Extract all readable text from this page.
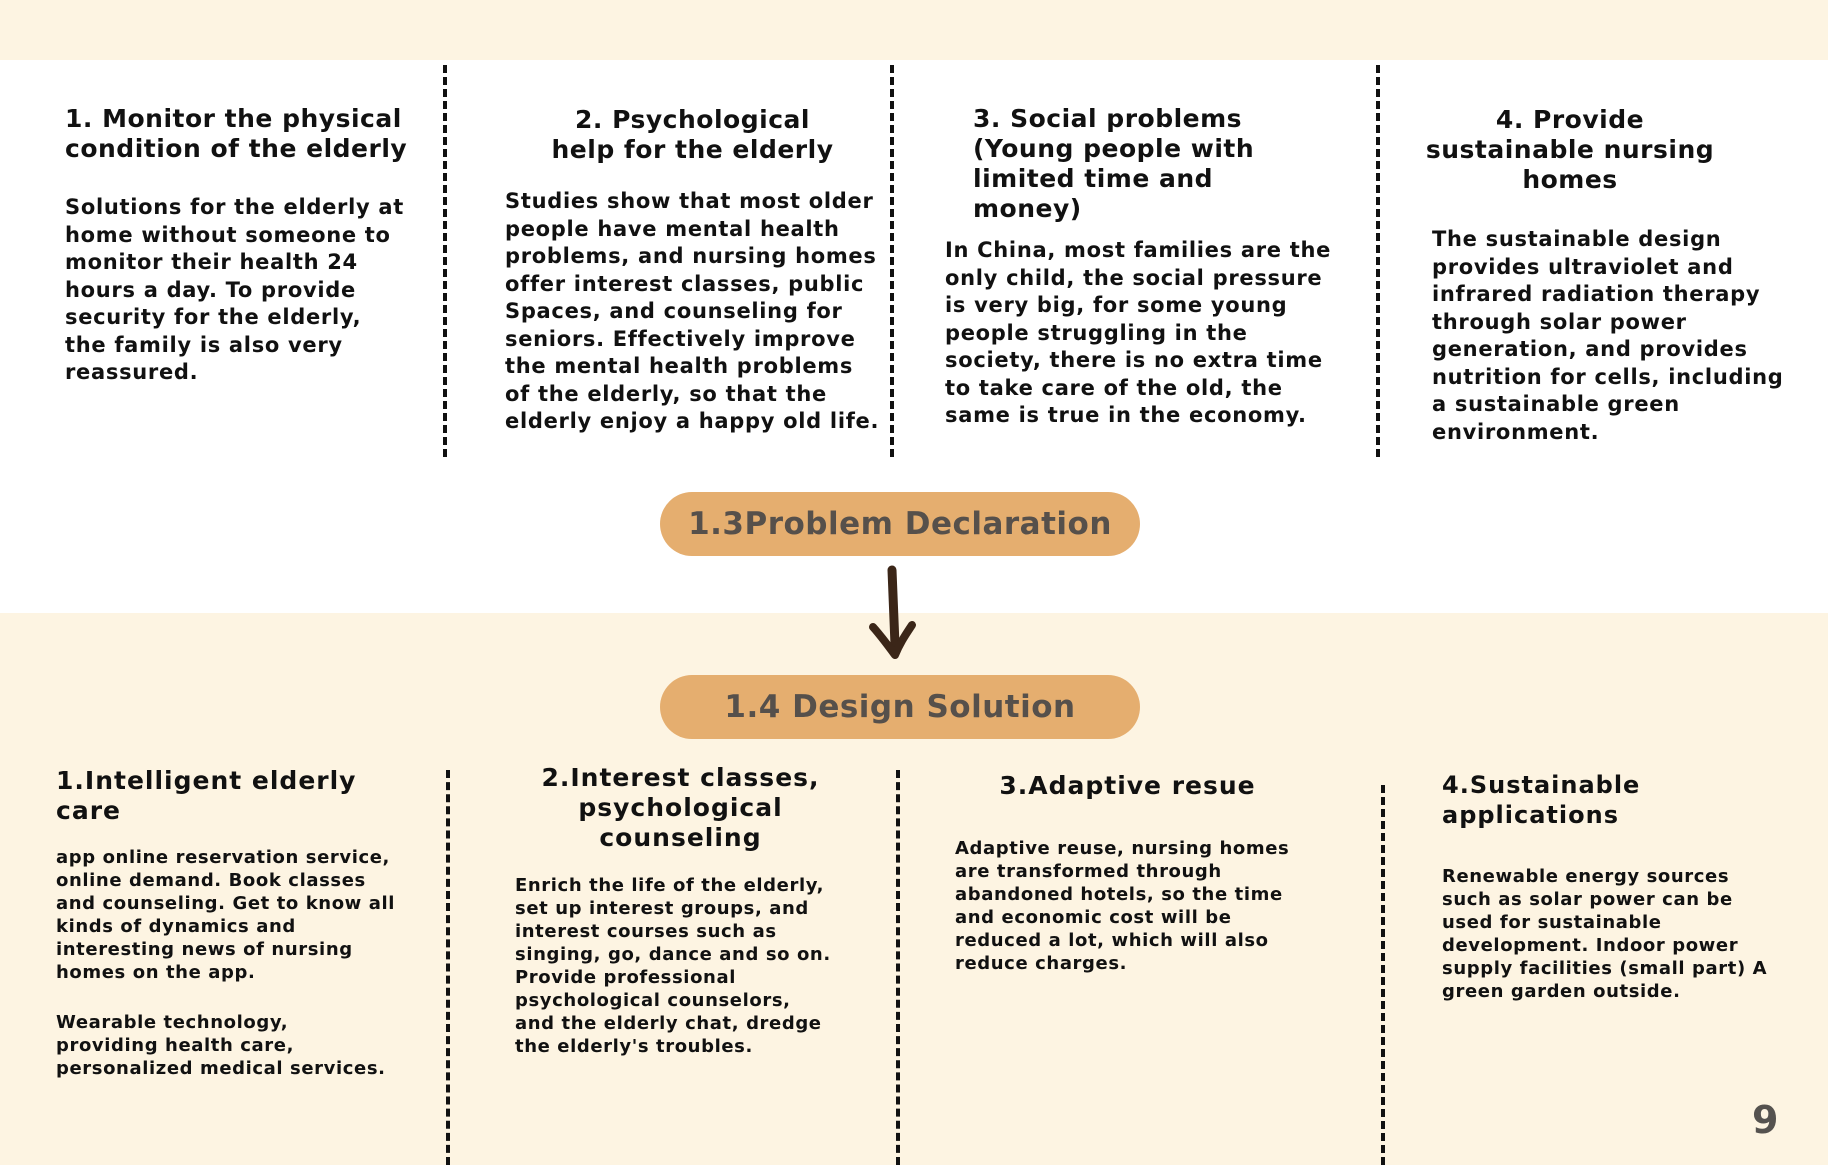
1. Monitor the physical condition of the elderly

Solutions for the elderly at home without someone to monitor their health 24 hours a day. To provide security for the elderly, the family is also very reassured.

2. Psychological help for the elderly

Studies show that most older people have mental health problems, and nursing homes offer interest classes, public Spaces, and counseling for seniors. Effectively improve the mental health problems of the elderly, so that the elderly enjoy a happy old life.

3. Social problems (Young people with limited time and money)

In China, most families are the only child, the social pressure is very big, for some young people struggling in the society, there is no extra time to take care of the old, the same is true in the economy.

4. Provide sustainable nursing homes

The sustainable design provides ultraviolet and infrared radiation therapy through solar power generation, and provides nutrition for cells, including a sustainable green environment.

1.3Problem Declaration
1.4 Design Solution
1.Intelligent elderly care

app online reservation service, online demand. Book classes and counseling. Get to know all kinds of dynamics and interesting news of nursing homes on the app.

Wearable technology, providing health care, personalized medical services.

2.Interest classes, psychological counseling

Enrich the life of the elderly, set up interest groups, and interest courses such as singing, go, dance and so on.

Provide professional psychological counselors, and the elderly chat, dredge the elderly's troubles.

3.Adaptive resue

Adaptive reuse, nursing homes are transformed through abandoned hotels, so the time and economic cost will be reduced a lot, which will also reduce charges.

4.Sustainable applications

Renewable energy sources such as solar power can be used for sustainable development. Indoor power supply facilities (small part) A green garden outside.

9
